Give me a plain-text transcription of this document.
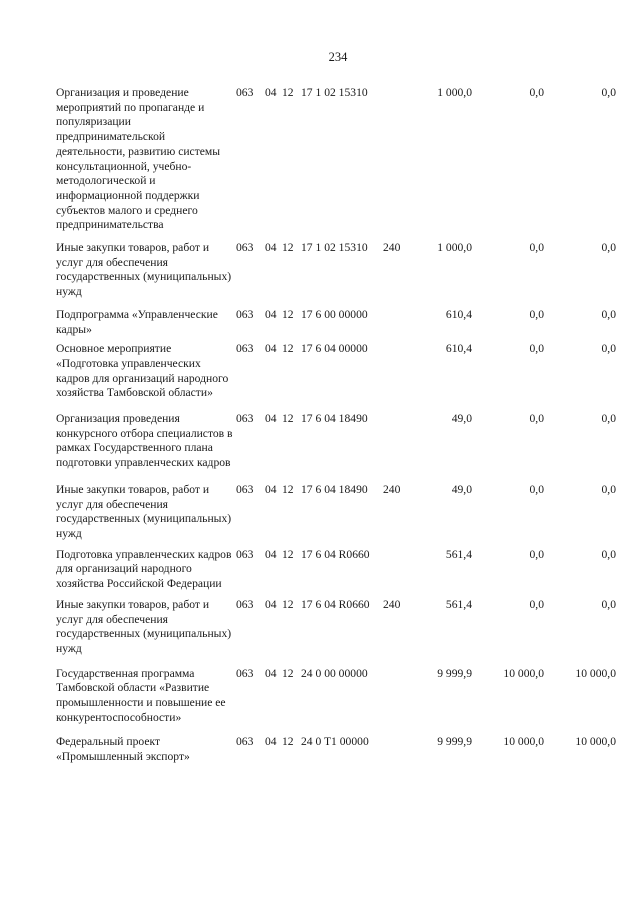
234
Организация и проведение мероприятий по пропаганде и популяризации предпринимательской деятельности, развитию системы консультационной, учебно-методологической и информационной поддержки субъектов малого и среднего предпринимательства
063 04 12 17 1 02 15310	1 000,0	0,0	0,0
Иные закупки товаров, работ и услуг для обеспечения государственных (муниципальных) нужд
063 04 12 17 1 02 15310 240	1 000,0	0,0	0,0
Подпрограмма «Управленческие кадры»
063 04 12 17 6 00 00000	610,4	0,0	0,0
Основное мероприятие «Подготовка управленческих кадров для организаций народного хозяйства Тамбовской области»
063 04 12 17 6 04 00000	610,4	0,0	0,0
Организация проведения конкурсного отбора специалистов в рамках Государственного плана подготовки управленческих кадров
063 04 12 17 6 04 18490	49,0	0,0	0,0
Иные закупки товаров, работ и услуг для обеспечения государственных (муниципальных) нужд
063 04 12 17 6 04 18490 240	49,0	0,0	0,0
Подготовка управленческих кадров для организаций народного хозяйства Российской Федерации
063 04 12 17 6 04 R0660	561,4	0,0	0,0
Иные закупки товаров, работ и услуг для обеспечения государственных (муниципальных) нужд
063 04 12 17 6 04 R0660 240	561,4	0,0	0,0
Государственная программа Тамбовской области «Развитие промышленности и повышение ее конкурентоспособности»
063 04 12 24 0 00 00000	9 999,9	10 000,0	10 000,0
Федеральный проект «Промышленный экспорт»
063 04 12 24 0 T1 00000	9 999,9	10 000,0	10 000,0
